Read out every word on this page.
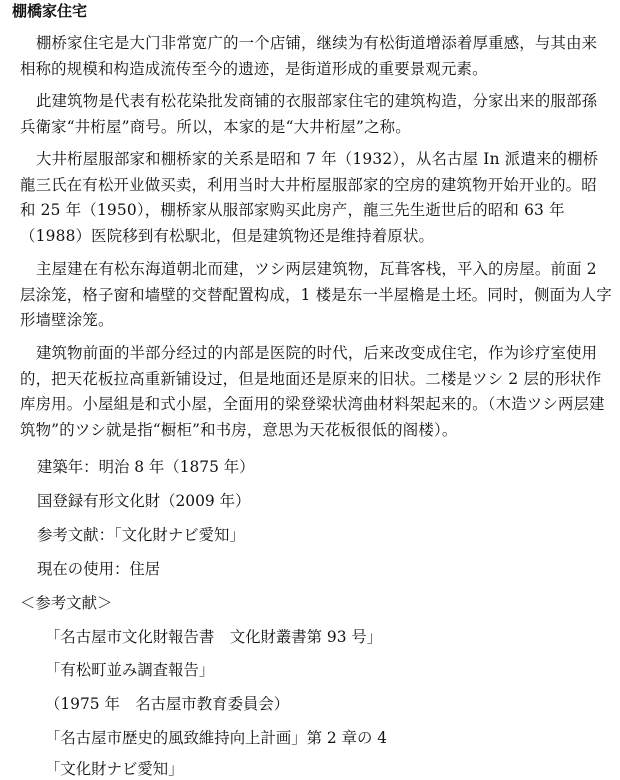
棚橋家住宅

棚桥家住宅是大门非常宽广的一个店铺，继续为有松街道增添着厚重感，与其由来相称的规模和构造成流传至今的遗迹，是街道形成的重要景观元素。

此建筑物是代表有松花染批发商铺的衣服部家住宅的建筑构造，分家出来的服部孫兵衛家“井桁屋”商号。所以，本家的是“大井桁屋”之称。

大井桁屋服部家和棚桥家的关系是昭和 7 年（1932），从名古屋 In 派遣来的棚桥龍三氏在有松开业做买卖，利用当时大井桁屋服部家的空房的建筑物开始开业的。昭和 25 年（1950），棚桥家从服部家购买此房产，龍三先生逝世后的昭和 63 年（1988）医院移到有松駅北，但是建筑物还是维持着原状。

主屋建在有松东海道朝北而建，ツシ两层建筑物，瓦葺客栈，平入的房屋。前面 2 层涂笼，格子窗和墙壁的交替配置构成，1 楼是东一半屋檐是土坯。同时，侧面为人字形墙壁涂笼。

建筑物前面的半部分经过的内部是医院的时代，后来改变成住宅，作为诊疗室使用的，把天花板拉高重新铺设过，但是地面还是原来的旧状。二楼是ツシ 2 层的形状作库房用。小屋組是和式小屋，全面用的梁登梁状湾曲材料架起来的。（木造ツシ两层建筑物”的ツシ就是指“橱柜”和书房，意思为天花板很低的阁楼）。

建築年：明治 8 年（1875 年）

国登録有形文化財（2009 年）

参考文献：「文化財ナビ愛知」

現在の使用：住居

＜参考文献＞

「名古屋市文化財報告書　文化財叢書第 93 号」

「有松町並み調査報告」

（1975 年　名古屋市教育委員会）

「名古屋市歴史的風致維持向上計画」第 2 章の 4

「文化財ナビ愛知」
